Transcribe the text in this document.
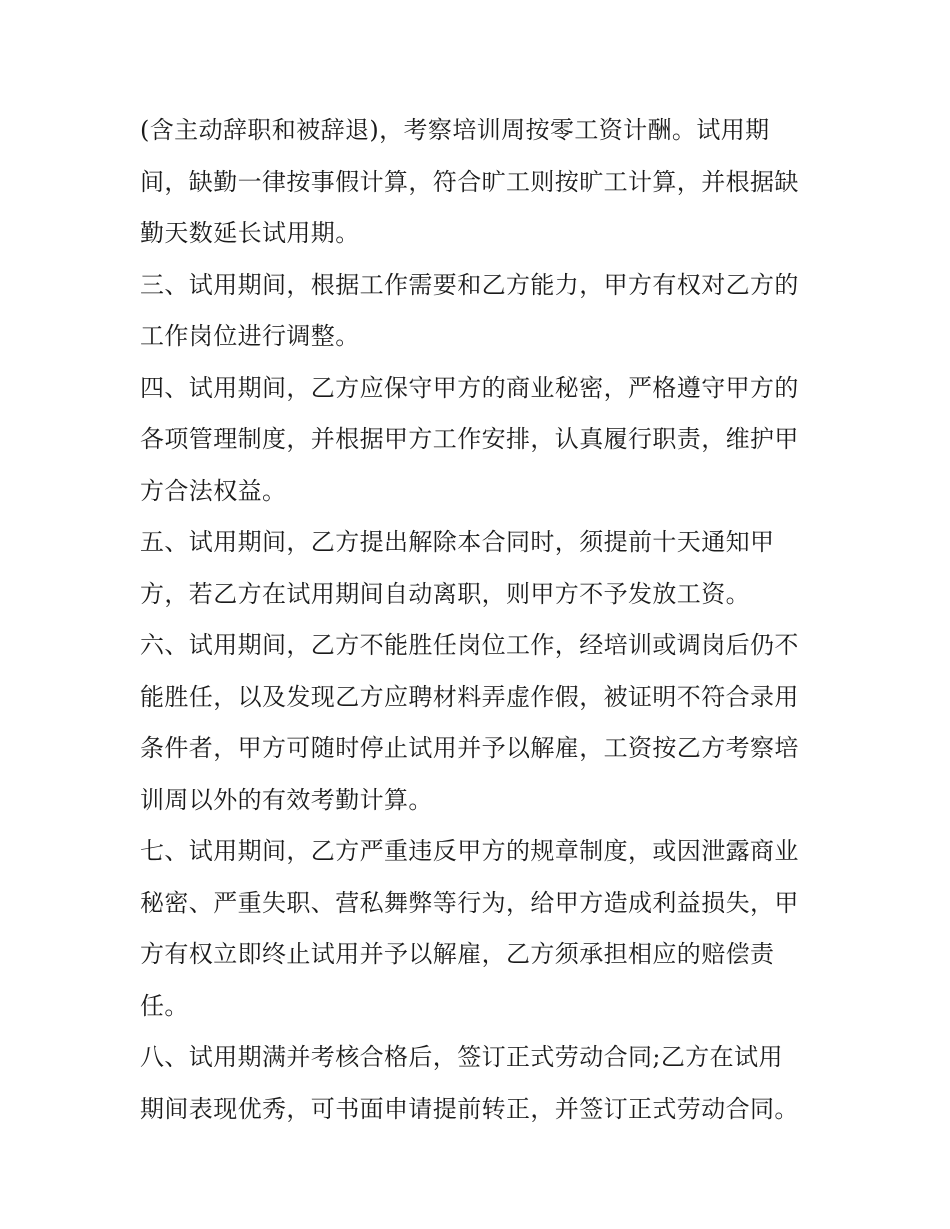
(含主动辞职和被辞退)，考察培训周按零工资计酬。试用期
间，缺勤一律按事假计算，符合旷工则按旷工计算，并根据缺
勤天数延长试用期。
三、试用期间，根据工作需要和乙方能力，甲方有权对乙方的
工作岗位进行调整。
四、试用期间，乙方应保守甲方的商业秘密，严格遵守甲方的
各项管理制度，并根据甲方工作安排，认真履行职责，维护甲
方合法权益。
五、试用期间，乙方提出解除本合同时，须提前十天通知甲
方，若乙方在试用期间自动离职，则甲方不予发放工资。
六、试用期间，乙方不能胜任岗位工作，经培训或调岗后仍不
能胜任，以及发现乙方应聘材料弄虚作假，被证明不符合录用
条件者，甲方可随时停止试用并予以解雇，工资按乙方考察培
训周以外的有效考勤计算。
七、试用期间，乙方严重违反甲方的规章制度，或因泄露商业
秘密、严重失职、营私舞弊等行为，给甲方造成利益损失，甲
方有权立即终止试用并予以解雇，乙方须承担相应的赔偿责
任。
八、试用期满并考核合格后，签订正式劳动合同;乙方在试用
期间表现优秀，可书面申请提前转正，并签订正式劳动合同。
